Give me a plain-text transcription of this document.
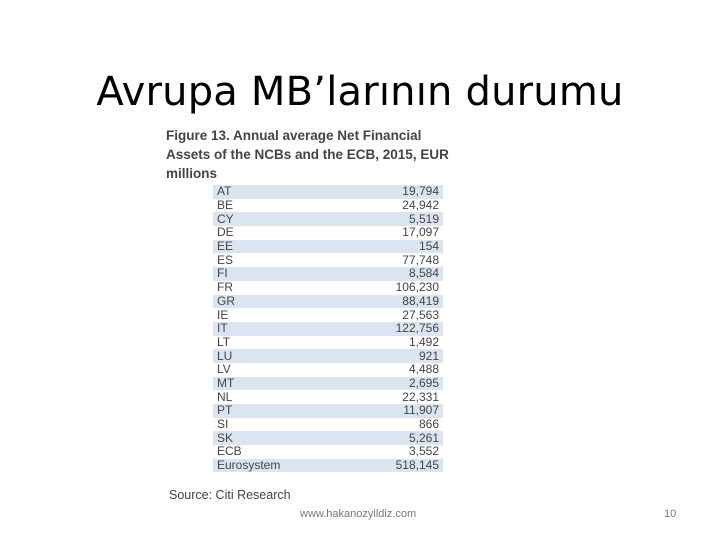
Avrupa MB’larının durumu

Figure 13. Annual average Net Financial
Assets of the NCBs and the ECB, 2015, EUR
millions

AT	19,794
BE	24,942
CY	5,519
DE	17,097
EE	154
ES	77,748
FI	8,584
FR	106,230
GR	88,419
IE	27,563
IT	122,756
LT	1,492
LU	921
LV	4,488
MT	2,695
NL	22,331
PT	11,907
SI	866
SK	5,261
ECB	3,552
Eurosystem	518,145
Source: Citi Research
www.hakanozyildiz.com	10
